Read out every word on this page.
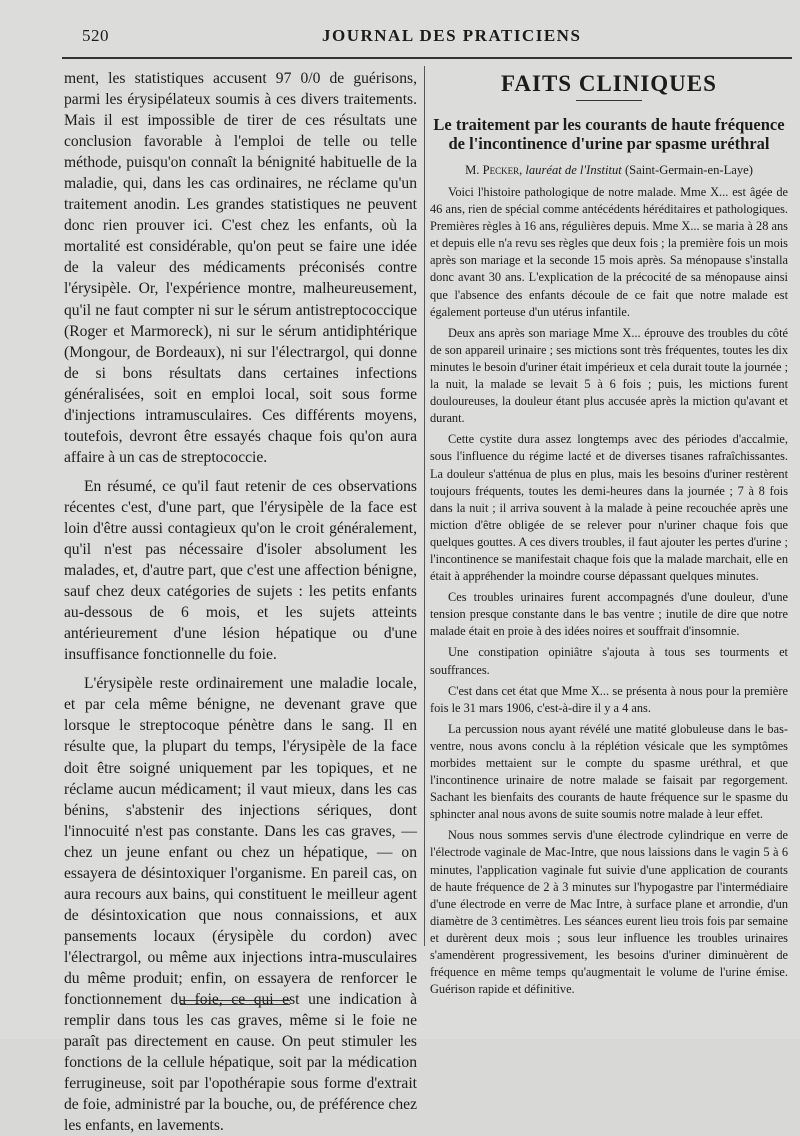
520	JOURNAL DES PRATICIENS

ment, les statistiques accusent 97 0/0 de guérisons, parmi les érysipélateux soumis à ces divers traitements. Mais il est impossible de tirer de ces résultats une conclusion favorable à l'emploi de telle ou telle méthode, puisqu'on connaît la bénignité habituelle de la maladie, qui, dans les cas ordinaires, ne réclame qu'un traitement anodin. Les grandes statistiques ne peuvent donc rien prouver ici. C'est chez les enfants, où la mortalité est considérable, qu'on peut se faire une idée de la valeur des médicaments préconisés contre l'érysipèle. Or, l'expérience montre, malheureusement, qu'il ne faut compter ni sur le sérum antistreptococcique (Roger et Marmoreck), ni sur le sérum antidiphtérique (Mongour, de Bordeaux), ni sur l'électrargol, qui donne de si bons résultats dans certaines infections généralisées, soit en emploi local, soit sous forme d'injections intramusculaires. Ces différents moyens, toutefois, devront être essayés chaque fois qu'on aura affaire à un cas de streptococcie.

En résumé, ce qu'il faut retenir de ces observations récentes c'est, d'une part, que l'érysipèle de la face est loin d'être aussi contagieux qu'on le croit généralement, qu'il n'est pas nécessaire d'isoler absolument les malades, et, d'autre part, que c'est une affection bénigne, sauf chez deux catégories de sujets : les petits enfants au-dessous de 6 mois, et les sujets atteints antérieurement d'une lésion hépatique ou d'une insuffisance fonctionnelle du foie.

L'érysipèle reste ordinairement une maladie locale, et par cela même bénigne, ne devenant grave que lorsque le streptocoque pénètre dans le sang. Il en résulte que, la plupart du temps, l'érysipèle de la face doit être soigné uniquement par les topiques, et ne réclame aucun médicament; il vaut mieux, dans les cas bénins, s'abstenir des injections sériques, dont l'innocuité n'est pas constante. Dans les cas graves, — chez un jeune enfant ou chez un hépatique, — on essayera de désintoxiquer l'organisme. En pareil cas, on aura recours aux bains, qui constituent le meilleur agent de désintoxication que nous connaissions, et aux pansements locaux (érysipèle du cordon) avec l'électrargol, ou même aux injections intra-musculaires du même produit; enfin, on essayera de renforcer le fonctionnement du foie, ce qui est une indication à remplir dans tous les cas graves, même si le foie ne paraît pas directement en cause. On peut stimuler les fonctions de la cellule hépatique, soit par la médication ferrugineuse, soit par l'opothérapie sous forme d'extrait de foie, administré par la bouche, ou, de préférence chez les enfants, en lavements.

FAITS CLINIQUES
Le traitement par les courants de haute fréquence de l'incontinence d'urine par spasme uréthral
M. Pecker, lauréat de l'Institut (Saint-Germain-en-Laye)

Voici l'histoire pathologique de notre malade. Mme X... est âgée de 46 ans, rien de spécial comme antécédents héréditaires et pathologiques. Premières règles à 16 ans, régulières depuis. Mme X... se maria à 28 ans et depuis elle n'a revu ses règles que deux fois ; la première fois un mois après son mariage et la seconde 15 mois après. Sa ménopause s'installa donc avant 30 ans. L'explication de la précocité de sa ménopause ainsi que l'absence des enfants découle de ce fait que notre malade est également porteuse d'un utérus infantile.

Deux ans après son mariage Mme X... éprouve des troubles du côté de son appareil urinaire ; ses mictions sont très fréquentes, toutes les dix minutes le besoin d'uriner était impérieux et cela durait toute la journée ; la nuit, la malade se levait 5 à 6 fois ; puis, les mictions furent douloureuses, la douleur étant plus accusée après la miction qu'avant et durant.

Cette cystite dura assez longtemps avec des périodes d'accalmie, sous l'influence du régime lacté et de diverses tisanes rafraîchissantes. La douleur s'atténua de plus en plus, mais les besoins d'uriner restèrent toujours fréquents, toutes les demi-heures dans la journée ; 7 à 8 fois dans la nuit ; il arriva souvent à la malade à peine recouchée après une miction d'être obligée de se relever pour n'uriner chaque fois que quelques gouttes. A ces divers troubles, il faut ajouter les pertes d'urine ; l'incontinence se manifestait chaque fois que la malade marchait, elle en était à appréhender la moindre course dépassant quelques minutes.

Ces troubles urinaires furent accompagnés d'une douleur, d'une tension presque constante dans le bas ventre ; inutile de dire que notre malade était en proie à des idées noires et souffrait d'insomnie.

Une constipation opiniâtre s'ajouta à tous ses tourments et souffrances.

C'est dans cet état que Mme X... se présenta à nous pour la première fois le 31 mars 1906, c'est-à-dire il y a 4 ans.

La percussion nous ayant révélé une matité globuleuse dans le bas-ventre, nous avons conclu à la réplétion vésicale que les symptômes morbides mettaient sur le compte du spasme uréthral, et que l'incontinence urinaire de notre malade se faisait par regorgement. Sachant les bienfaits des courants de haute fréquence sur le spasme du sphincter anal nous avons de suite soumis notre malade à leur effet.

Nous nous sommes servis d'une électrode cylindrique en verre de l'électrode vaginale de Mac-Intre, que nous laissions dans le vagin 5 à 6 minutes, l'application vaginale fut suivie d'une application de courants de haute fréquence de 2 à 3 minutes sur l'hypogastre par l'intermédiaire d'une électrode en verre de Mac Intre, à surface plane et arrondie, d'un diamètre de 3 centimètres. Les séances eurent lieu trois fois par semaine et durèrent deux mois ; sous leur influence les troubles urinaires s'amendèrent progressivement, les besoins d'uriner diminuèrent de fréquence en même temps qu'augmentait le volume de l'urine émise. Guérison rapide et définitive.
